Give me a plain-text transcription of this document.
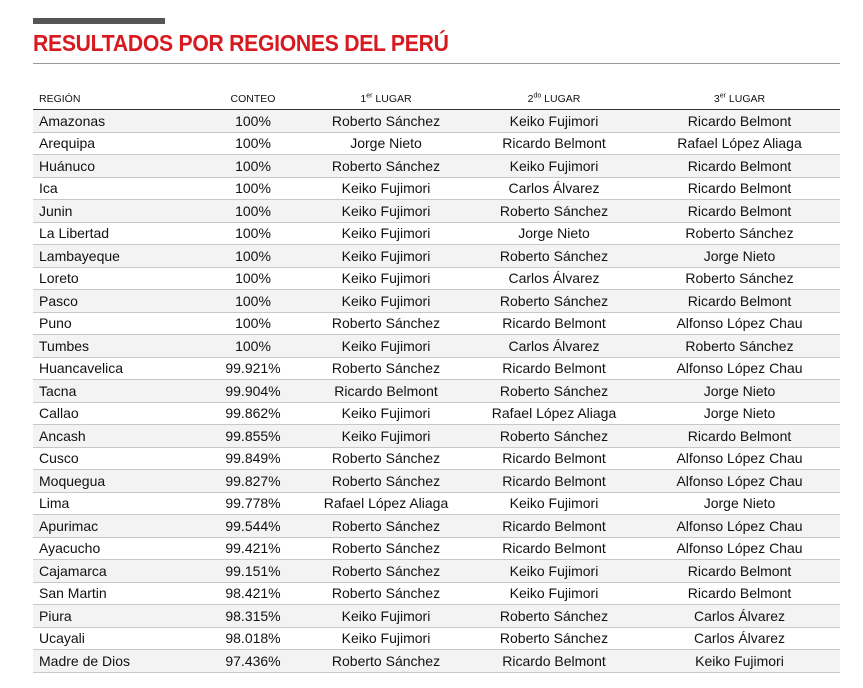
RESULTADOS POR REGIONES DEL PERÚ
REGIÓN	CONTEO	1er LUGAR	$2^{do}$ LUGAR	3er LUGAR
Amazonas	100%	Roberto Sánchez	Keiko Fujimori	Ricardo Belmont
Arequipa	100%	Jorge Nieto	Ricardo Belmont	Rafael López Aliaga
Huánuco	100%	Roberto Sánchez	Keiko Fujimori	Ricardo Belmont
Ica	100%	Keiko Fujimori	Carlos Álvarez	Ricardo Belmont
Junin	100%	Keiko Fujimori	Roberto Sánchez	Ricardo Belmont
La Libertad	100%	Keiko Fujimori	Jorge Nieto	Roberto Sánchez
Lambayeque	100%	Keiko Fujimori	Roberto Sánchez	Jorge Nieto
Loreto	100%	Keiko Fujimori	Carlos Álvarez	Roberto Sánchez
Pasco	100%	Keiko Fujimori	Roberto Sánchez	Ricardo Belmont
Puno	100%	Roberto Sánchez	Ricardo Belmont	Alfonso López Chau
Tumbes	100%	Keiko Fujimori	Carlos Álvarez	Roberto Sánchez
Huancavelica	99.921%	Roberto Sánchez	Ricardo Belmont	Alfonso López Chau
Tacna	99.904%	Ricardo Belmont	Roberto Sánchez	Jorge Nieto
Callao	99.862%	Keiko Fujimori	Rafael López Aliaga	Jorge Nieto
Ancash	99.855%	Keiko Fujimori	Roberto Sánchez	Ricardo Belmont
Cusco	99.849%	Roberto Sánchez	Ricardo Belmont	Alfonso López Chau
Moquegua	99.827%	Roberto Sánchez	Ricardo Belmont	Alfonso López Chau
Lima	99.778%	Rafael López Aliaga	Keiko Fujimori	Jorge Nieto
Apurimac	99.544%	Roberto Sánchez	Ricardo Belmont	Alfonso López Chau
Ayacucho	99.421%	Roberto Sánchez	Ricardo Belmont	Alfonso López Chau
Cajamarca	99.151%	Roberto Sánchez	Keiko Fujimori	Ricardo Belmont
San Martin	98.421%	Roberto Sánchez	Keiko Fujimori	Ricardo Belmont
Piura	98.315%	Keiko Fujimori	Roberto Sánchez	Carlos Álvarez
Ucayali	98.018%	Keiko Fujimori	Roberto Sánchez	Carlos Álvarez
Madre de Dios	97.436%	Roberto Sánchez	Ricardo Belmont	Keiko Fujimori
